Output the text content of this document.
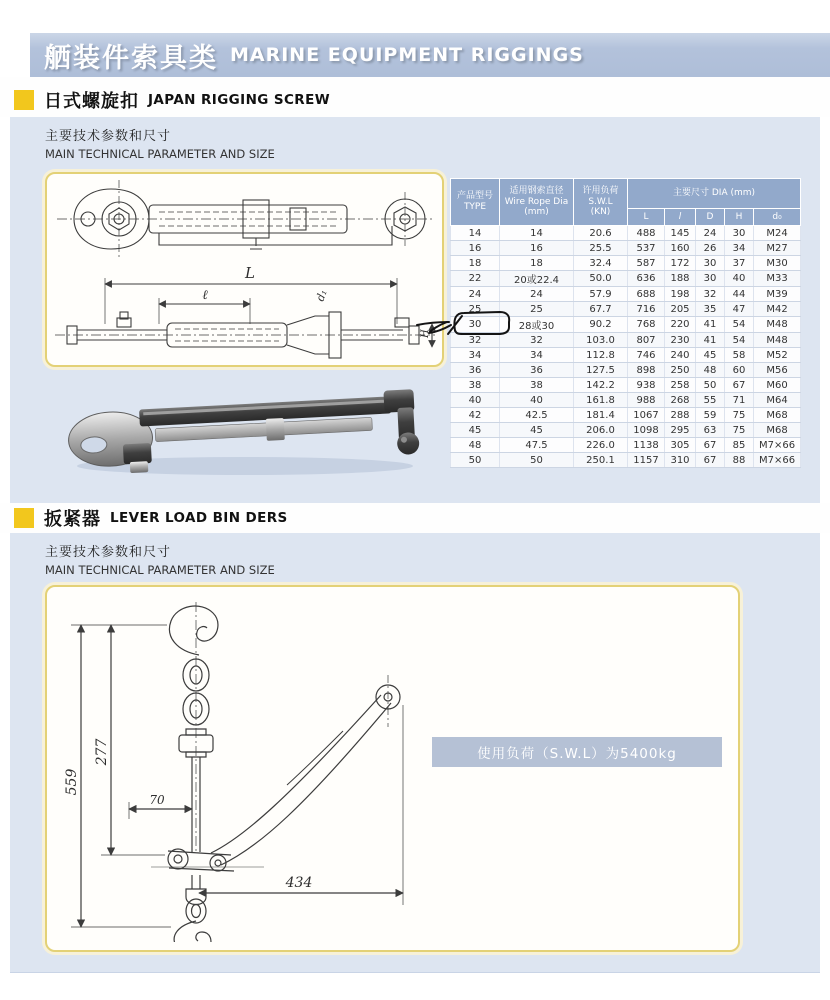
舾装件索具类 MARINE EQUIPMENT RIGGINGS
日式螺旋扣 JAPAN RIGGING SCREW
主要技术参数和尺寸
MAIN TECHNICAL PARAMETER AND SIZE
L
ℓ	d₁
H
产品型号
TYPE

适用钢索直径
Wire Rope Dia
(mm)

许用负荷
S.W.L
(KN)
	主要尺寸 DIA (mm)
			L	l	D	H	d₀
14	14	20.6	488	145	24	30	M24
16	16	25.5	537	160	26	34	M27
18	18	32.4	587	172	30	37	M30
22	20或22.4	50.0	636	188	30	40	M33
24	24	57.9	688	198	32	44	M39
25	25	67.7	716	205	35	47	M42
30	28或30	90.2	768	220	41	54	M48
32	32	103.0	807	230	41	54	M48
34	34	112.8	746	240	45	58	M52
36	36	127.5	898	250	48	60	M56
38	38	142.2	938	258	50	67	M60
40	40	161.8	988	268	55	71	M64
42	42.5	181.4	1067	288	59	75	M68
45	45	206.0	1098	295	63	75	M68
48	47.5	226.0	1138	305	67	85	M7×66
50	50	250.1	1157	310	67	88	M7×66
扳紧器 LEVER LOAD BIN DERS
主要技术参数和尺寸
MAIN TECHNICAL PARAMETER AND SIZE
277
559
70
434
使用负荷（S.W.L）为5400kg
